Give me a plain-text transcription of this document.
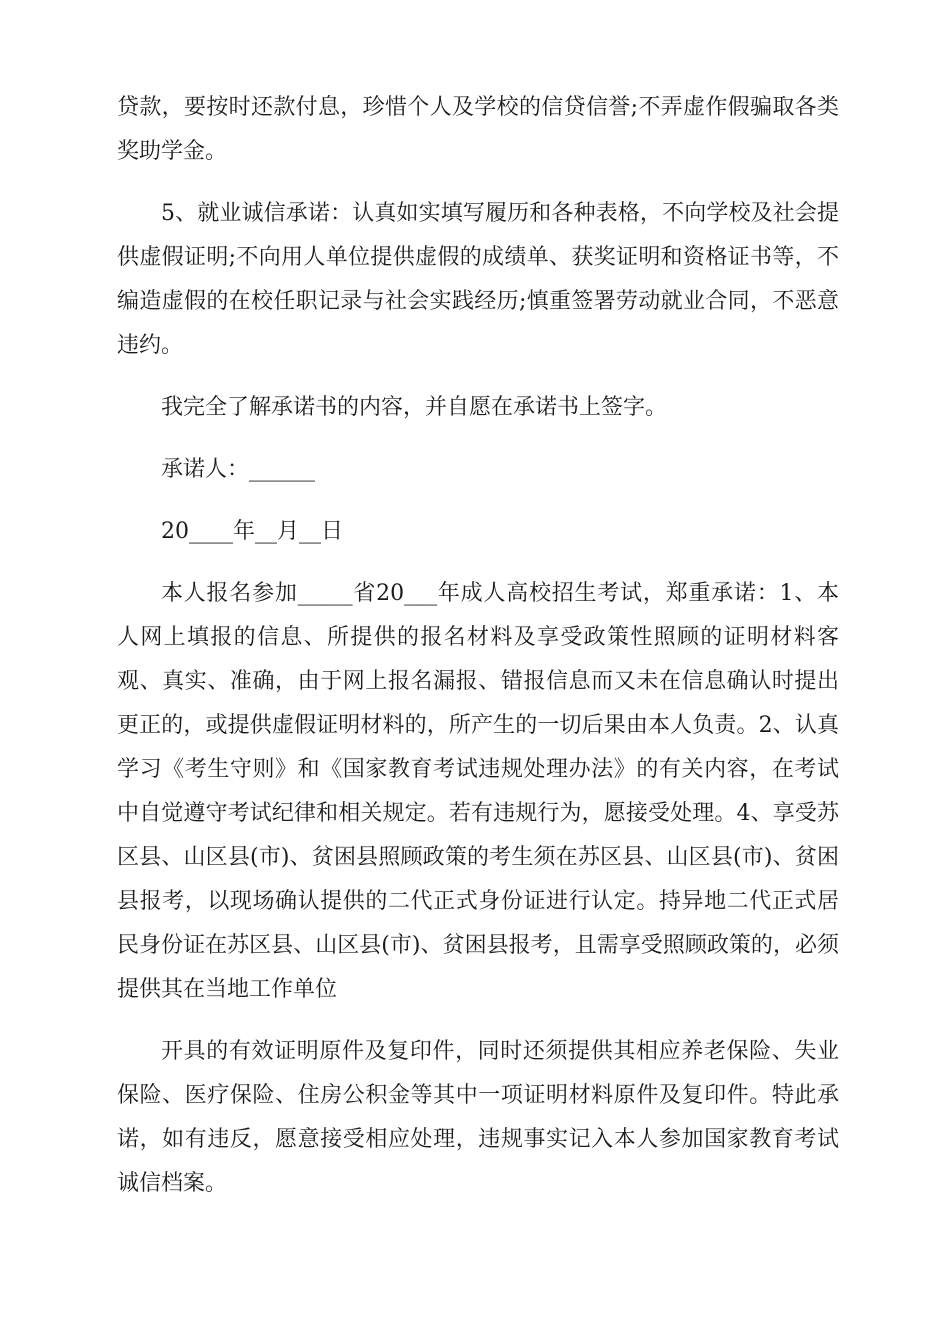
贷款，要按时还款付息，珍惜个人及学校的信贷信誉;不弄虚作假骗取各类奖助学金。

5、就业诚信承诺：认真如实填写履历和各种表格，不向学校及社会提供虚假证明;不向用人单位提供虚假的成绩单、获奖证明和资格证书等，不编造虚假的在校任职记录与社会实践经历;慎重签署劳动就业合同，不恶意违约。

我完全了解承诺书的内容，并自愿在承诺书上签字。

承诺人：______

20____年__月__日

本人报名参加_____省20___年成人高校招生考试，郑重承诺：1、本人网上填报的信息、所提供的报名材料及享受政策性照顾的证明材料客观、真实、准确，由于网上报名漏报、错报信息而又未在信息确认时提出更正的，或提供虚假证明材料的，所产生的一切后果由本人负责。2、认真学习《考生守则》和《国家教育考试违规处理办法》的有关内容，在考试中自觉遵守考试纪律和相关规定。若有违规行为，愿接受处理。4、享受苏区县、山区县(市)、贫困县照顾政策的考生须在苏区县、山区县(市)、贫困县报考，以现场确认提供的二代正式身份证进行认定。持异地二代正式居民身份证在苏区县、山区县(市)、贫困县报考，且需享受照顾政策的，必须提供其在当地工作单位

开具的有效证明原件及复印件，同时还须提供其相应养老保险、失业保险、医疗保险、住房公积金等其中一项证明材料原件及复印件。特此承诺，如有违反，愿意接受相应处理，违规事实记入本人参加国家教育考试诚信档案。
